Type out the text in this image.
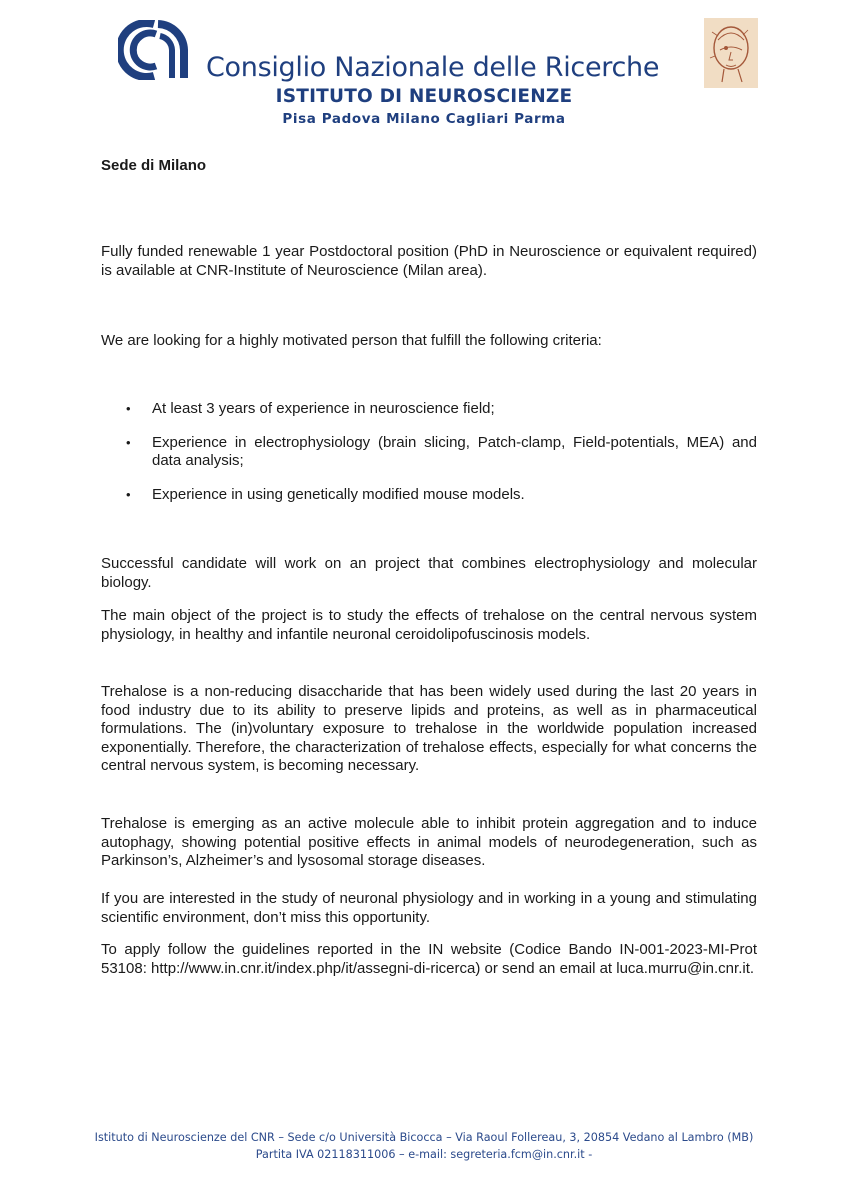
Consiglio Nazionale delle Ricerche
ISTITUTO DI NEUROSCIENZE
Pisa Padova Milano Cagliari Parma
Sede di Milano

Fully funded renewable 1 year Postdoctoral position (PhD in Neuroscience or equivalent required) is available at CNR-Institute of Neuroscience (Milan area).

We are looking for a highly motivated person that fulfill the following criteria:

• At least 3 years of experience in neuroscience field;
• Experience in electrophysiology (brain slicing, Patch-clamp, Field-potentials, MEA) and data analysis;
• Experience in using genetically modified mouse models.

Successful candidate will work on an project that combines electrophysiology and molecular biology.

The main object of the project is to study the effects of trehalose on the central nervous system physiology, in healthy and infantile neuronal ceroidolipofuscinosis models.

Trehalose is a non-reducing disaccharide that has been widely used during the last 20 years in food industry due to its ability to preserve lipids and proteins, as well as in pharmaceutical formulations. The (in)voluntary exposure to trehalose in the worldwide population increased exponentially. Therefore, the characterization of trehalose effects, especially for what concerns the central nervous system, is becoming necessary.

Trehalose is emerging as an active molecule able to inhibit protein aggregation and to induce autophagy, showing potential positive effects in animal models of neurodegeneration, such as Parkinson’s, Alzheimer’s and lysosomal storage diseases.

If you are interested in the study of neuronal physiology and in working in a young and stimulating scientific environment, don’t miss this opportunity.

To apply follow the guidelines reported in the IN website (Codice Bando IN-001-2023-MI-Prot 53108: http://www.in.cnr.it/index.php/it/assegni-di-ricerca) or send an email at luca.murru@in.cnr.it.

Istituto di Neuroscienze del CNR – Sede c/o Università Bicocca – Via Raoul Follereau, 3, 20854 Vedano al Lambro (MB)
Partita IVA 02118311006 – e-mail: segreteria.fcm@in.cnr.it -
